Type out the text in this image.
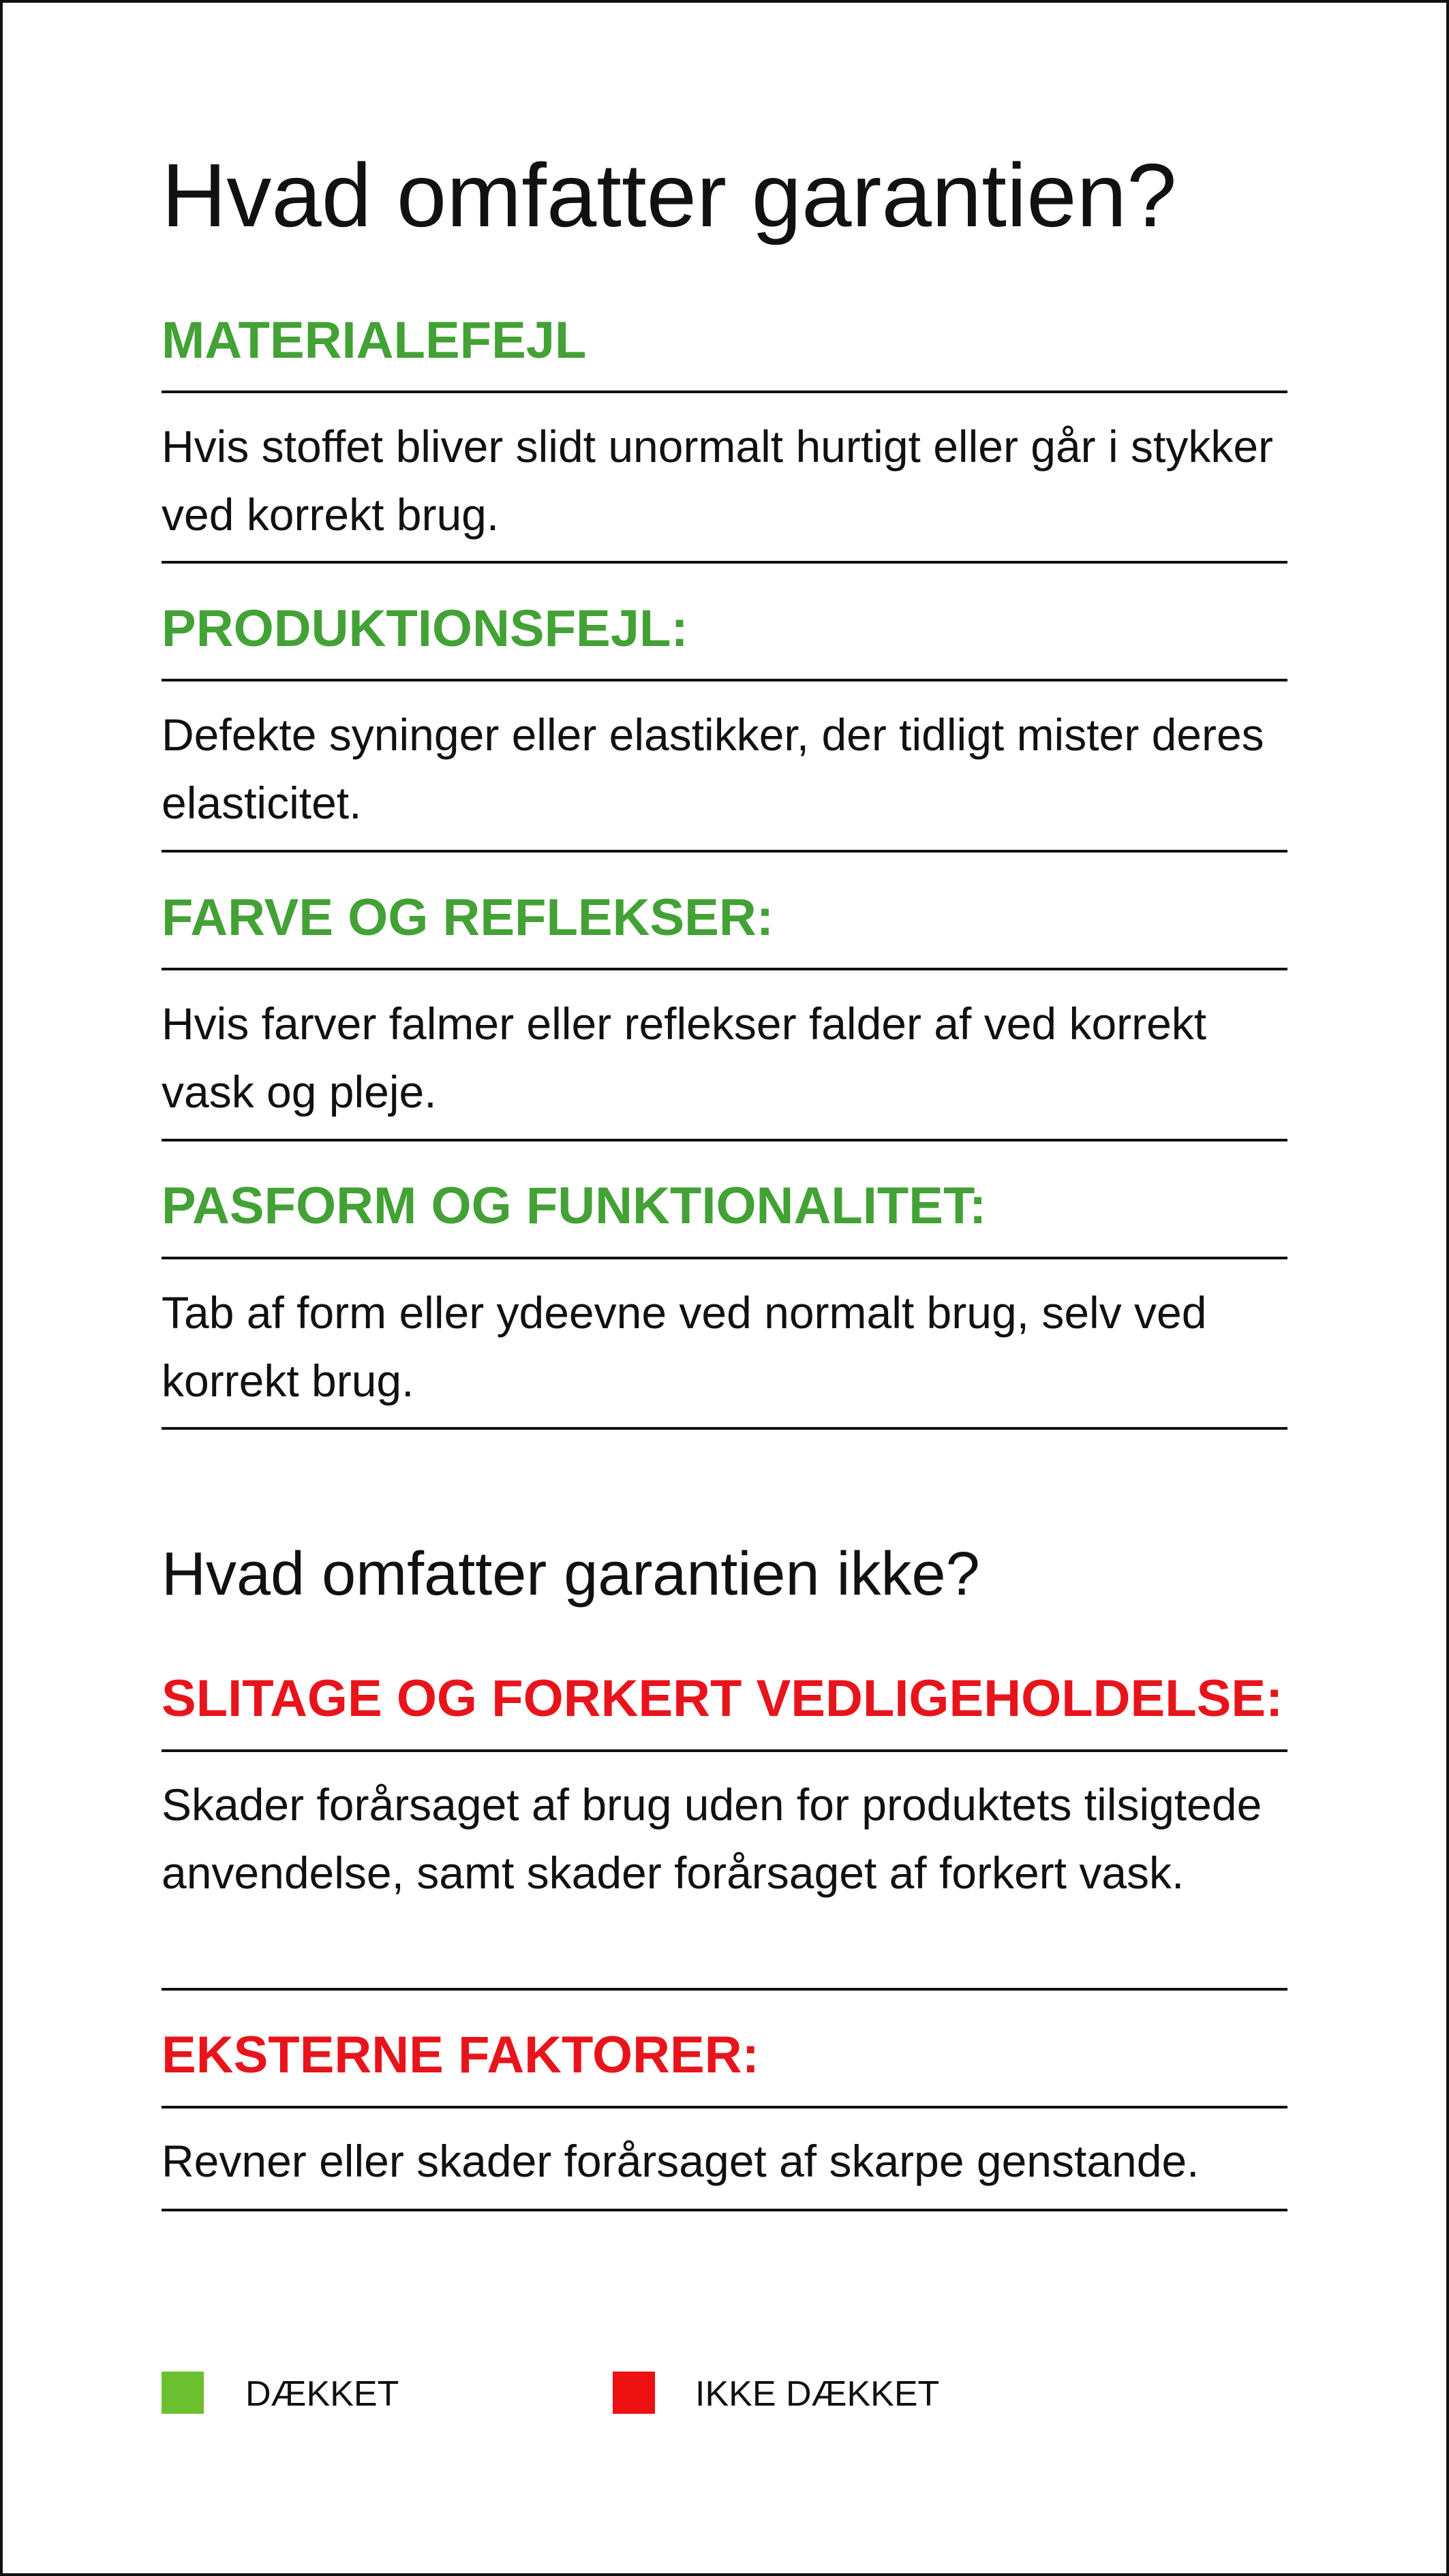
Hvad omfatter garantien?
MATERIALEFEJL

Hvis stoffet bliver slidt unormalt hurtigt eller går i stykker ved korrekt brug.

PRODUKTIONSFEJL:

Defekte syninger eller elastikker, der tidligt mister deres elasticitet.

FARVE OG REFLEKSER:

Hvis farver falmer eller reflekser falder af ved korrekt vask og pleje.

PASFORM OG FUNKTIONALITET:

Tab af form eller ydeevne ved normalt brug, selv ved korrekt brug.

Hvad omfatter garantien ikke?
SLITAGE OG FORKERT VEDLIGEHOLDELSE:

Skader forårsaget af brug uden for produktets tilsigtede anvendelse, samt skader forårsaget af forkert vask.

EKSTERNE FAKTORER:

Revner eller skader forårsaget af skarpe genstande.

DÆKKET	IKKE DÆKKET
